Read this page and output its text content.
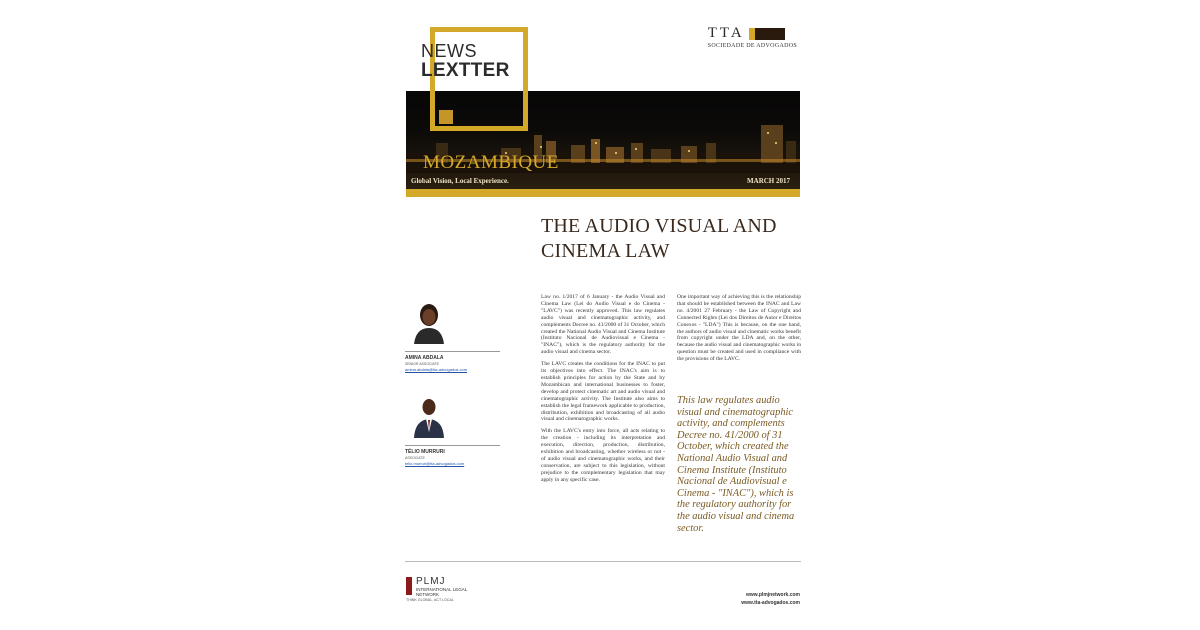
MOZAMBIQUE
Global Vision, Local Experience.	MARCH 2017
NEWS
LEXTTER
TTA
SOCIEDADE DE ADVOGADOS
THE AUDIO VISUAL AND
CINEMA LAW
AMINA ABDALA
SENIOR ASSOCIATE
amina.abdala@tta-advogados.com
TÉLIO MURRURI
ASSOCIATE
telio.murruri@tta-advogados.com

Law no. 1/2017 of 6 January - the Audio Visual and Cinema Law (Lei do Audio Visual e do Cinema - "LAVC") was recently approved. This law regulates audio visual and cinematographic activity, and complements Decree no. 41/2000 of 31 October, which created the National Audio Visual and Cinema Institute (Instituto Nacional de Audiovisual e Cinema - "INAC"), which is the regulatory authority for the audio visual and cinema sector.

The LAVC creates the conditions for the INAC to put its objectives into effect. The INAC's aim is to establish principles for action by the State and by Mozambican and international businesses to foster, develop and protect cinematic art and audio visual and cinematographic activity. The Institute also aims to establish the legal framework applicable to production, distribution, exhibition and broadcasting of all audio visual and cinematographic works.

With the LAVC's entry into force, all acts relating to the creation - including its interpretation and execution, direction, production, distribution, exhibition and broadcasting, whether wireless or not - of audio visual and cinematographic works, and their conservation, are subject to this legislation, without prejudice to the complementary legislation that may apply in any specific case.

One important way of achieving this is the relationship that should be established between the INAC and Law no. 4/2001 27 February - the Law of Copyright and Connected Rights (Lei dos Direitos de Autor e Direitos Conexos - "LDA") This is because, on the one hand, the authors of audio visual and cinematic works benefit from copyright under the LDA and, on the other, because the audio visual and cinematographic works in question must be created and used in compliance with the provisions of the LAVC.

This law regulates audio visual and cinematographic activity, and complements Decree no. 41/2000 of 31 October, which created the National Audio Visual and Cinema Institute (Instituto Nacional de Audiovisual e Cinema - "INAC"), which is the regulatory authority for the audio visual and cinema sector.
PLMJ
INTERNATIONAL LEGAL NETWORK
THINK GLOBAL, ACT LOCAL
www.plmjnetwork.com
www.tta-advogados.com
